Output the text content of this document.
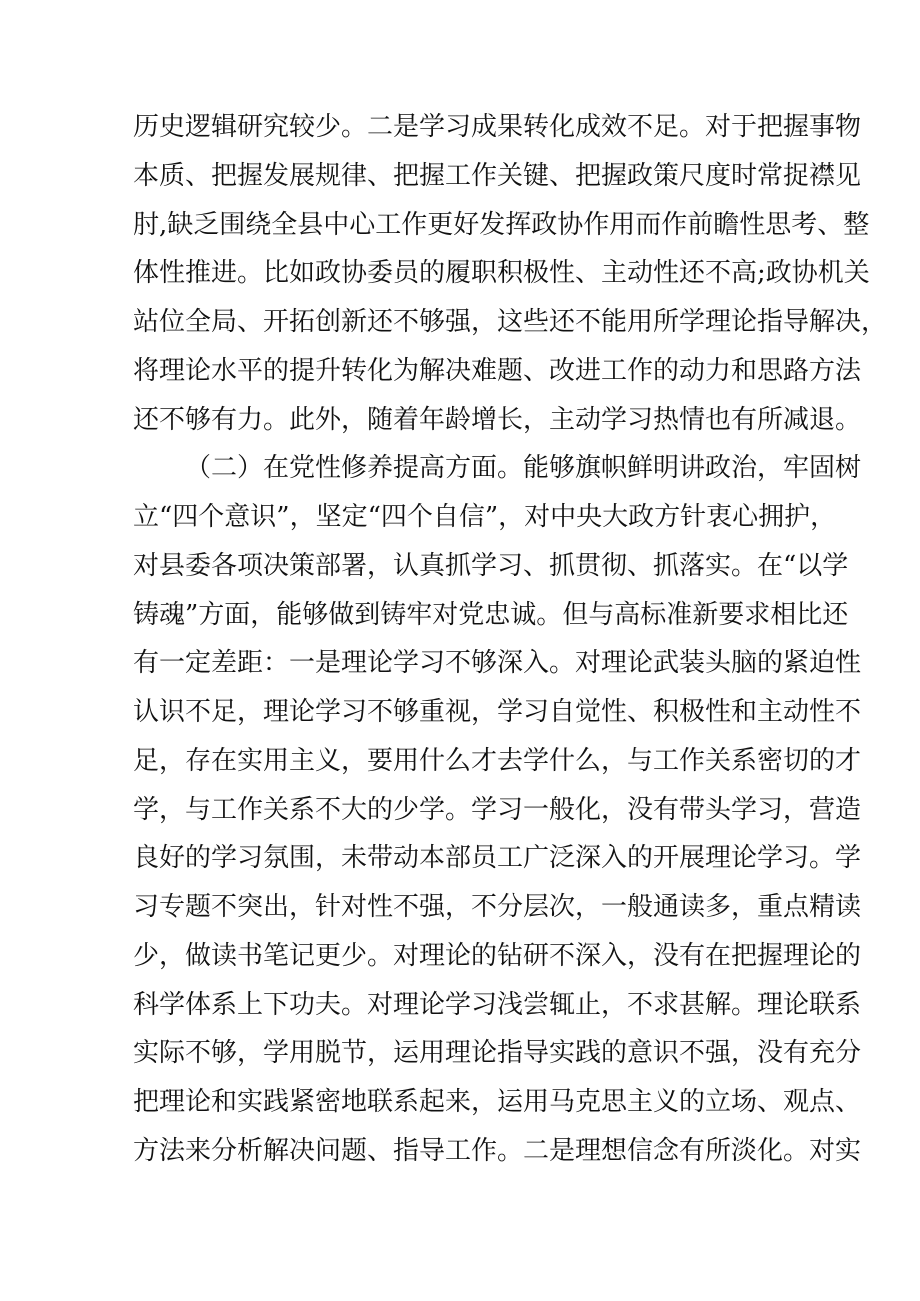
历史逻辑研究较少。二是学习成果转化成效不足。对于把握事物
本质、把握发展规律、把握工作关键、把握政策尺度时常捉襟见
肘,缺乏围绕全县中心工作更好发挥政协作用而作前瞻性思考、整
体性推进。比如政协委员的履职积极性、主动性还不高;政协机关
站位全局、开拓创新还不够强，这些还不能用所学理论指导解决，
将理论水平的提升转化为解决难题、改进工作的动力和思路方法
还不够有力。此外，随着年龄增长，主动学习热情也有所减退。
（二）在党性修养提高方面。能够旗帜鲜明讲政治，牢固树
立“四个意识”，坚定“四个自信”，对中央大政方针衷心拥护，
对县委各项决策部署，认真抓学习、抓贯彻、抓落实。在“以学
铸魂”方面，能够做到铸牢对党忠诚。但与高标准新要求相比还
有一定差距：一是理论学习不够深入。对理论武装头脑的紧迫性
认识不足，理论学习不够重视，学习自觉性、积极性和主动性不
足，存在实用主义，要用什么才去学什么，与工作关系密切的才
学，与工作关系不大的少学。学习一般化，没有带头学习，营造
良好的学习氛围，未带动本部员工广泛深入的开展理论学习。学
习专题不突出，针对性不强，不分层次，一般通读多，重点精读
少，做读书笔记更少。对理论的钻研不深入，没有在把握理论的
科学体系上下功夫。对理论学习浅尝辄止，不求甚解。理论联系
实际不够，学用脱节，运用理论指导实践的意识不强，没有充分
把理论和实践紧密地联系起来，运用马克思主义的立场、观点、
方法来分析解决问题、指导工作。二是理想信念有所淡化。对实
